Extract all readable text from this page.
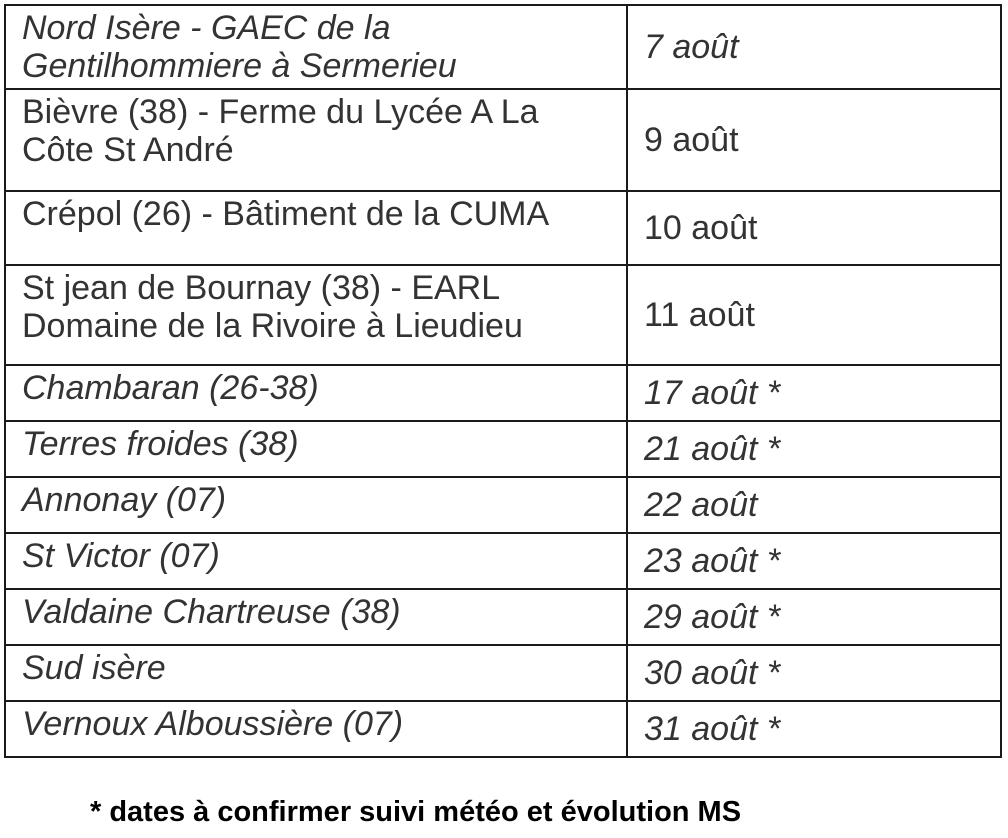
Nord Isère - GAEC de la Gentilhommiere à Sermerieu	7 août
Bièvre (38) - Ferme du Lycée A La Côte St André	9 août
Crépol (26) - Bâtiment de la CUMA	10 août
St jean de Bournay (38) - EARL Domaine de la Rivoire à Lieudieu	11 août
Chambaran (26-38)	17 août *
Terres froides (38)	21 août *
Annonay (07)	22 août
St Victor (07)	23 août *
Valdaine Chartreuse (38)	29 août *
Sud isère	30 août *
Vernoux Alboussière (07)	31 août *
* dates à confirmer suivi météo et évolution MS
